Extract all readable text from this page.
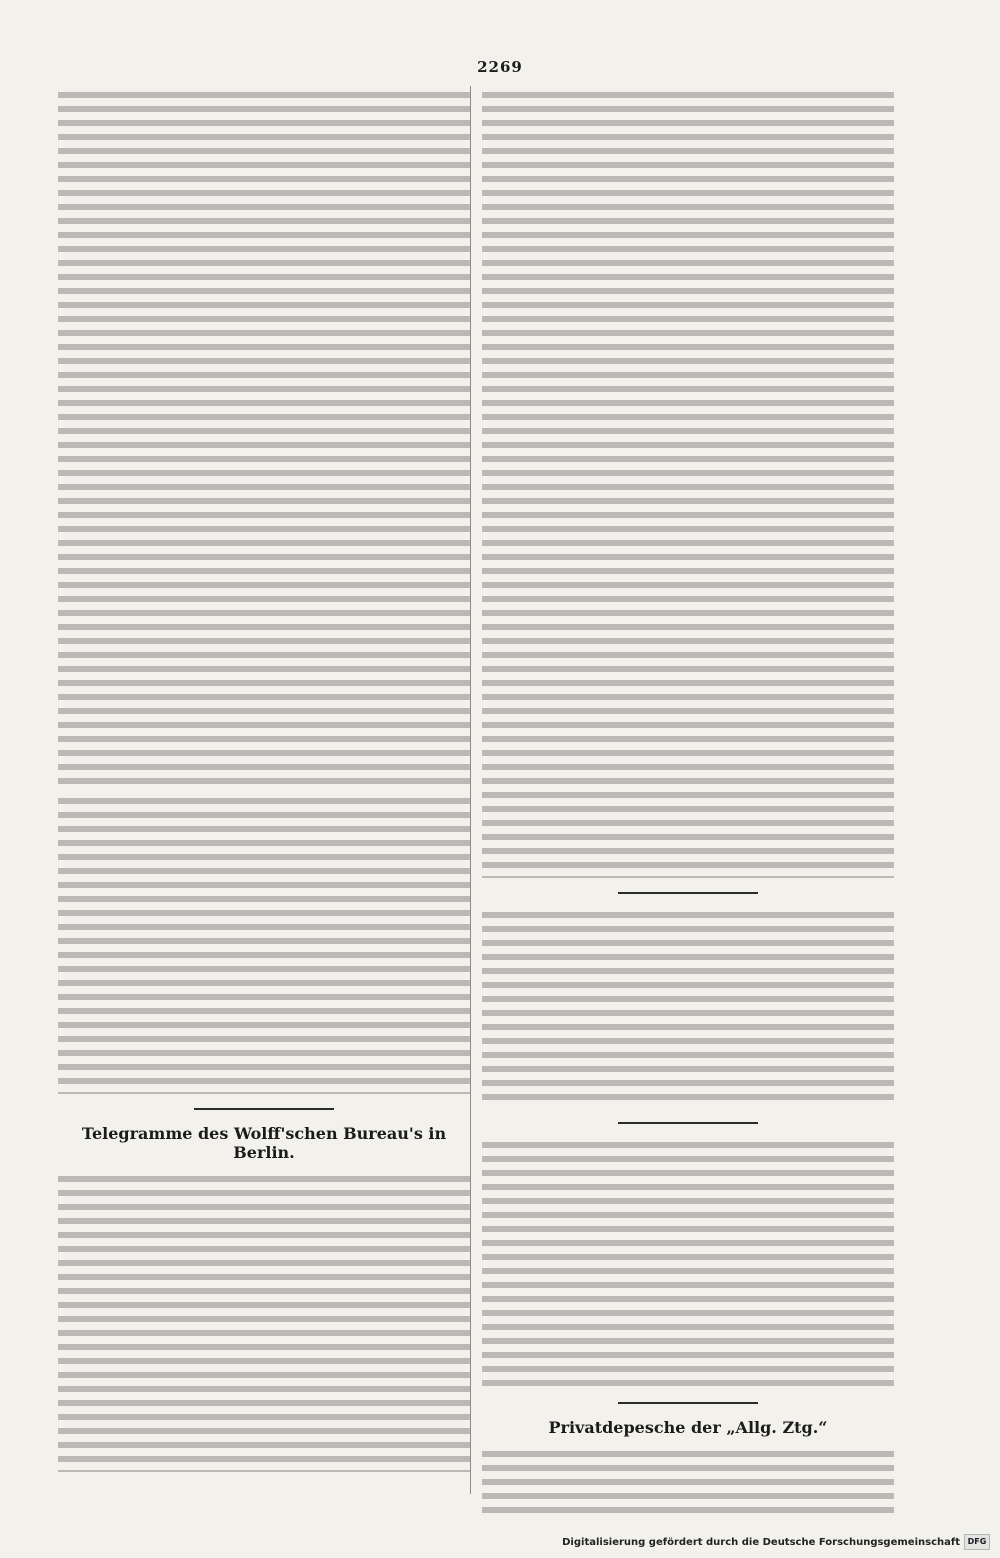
2269
Telegramme des Wolff'schen Bureau's in Berlin.
Privatdepesche der „Allg. Ztg.“
Digitalisierung gefördert durch die Deutsche Forschungsgemeinschaft DFG
